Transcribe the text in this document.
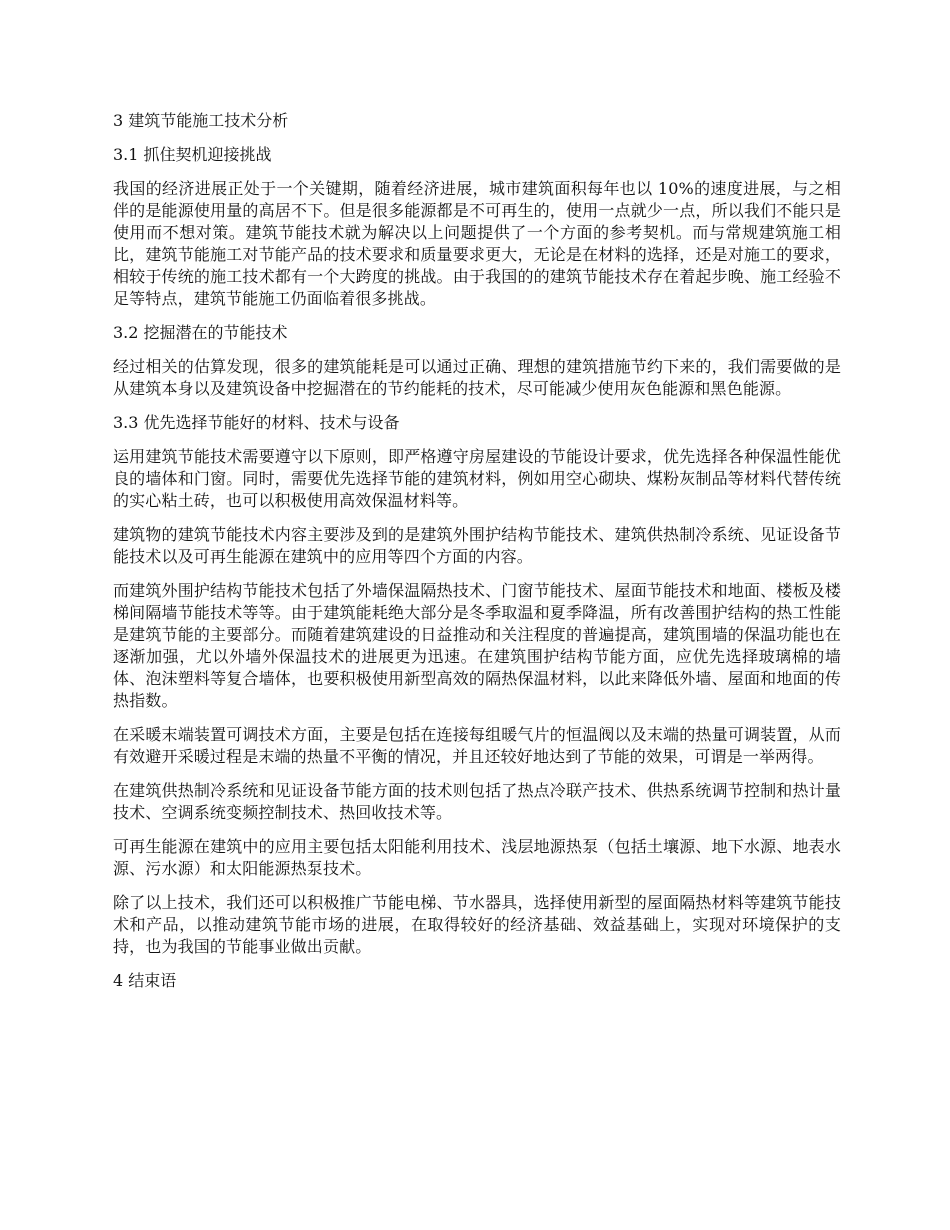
3 建筑节能施工技术分析
3.1 抓住契机迎接挑战
我国的经济进展正处于一个关键期，随着经济进展，城市建筑面积每年也以 10%的速度进展，与之相伴的是能源使用量的高居不下。但是很多能源都是不可再生的，使用一点就少一点，所以我们不能只是使用而不想对策。建筑节能技术就为解决以上问题提供了一个方面的参考契机。而与常规建筑施工相比，建筑节能施工对节能产品的技术要求和质量要求更大，无论是在材料的选择，还是对施工的要求，相较于传统的施工技术都有一个大跨度的挑战。由于我国的的建筑节能技术存在着起步晚、施工经验不足等特点，建筑节能施工仍面临着很多挑战。
3.2 挖掘潜在的节能技术
经过相关的估算发现，很多的建筑能耗是可以通过正确、理想的建筑措施节约下来的，我们需要做的是从建筑本身以及建筑设备中挖掘潜在的节约能耗的技术，尽可能减少使用灰色能源和黑色能源。
3.3 优先选择节能好的材料、技术与设备
运用建筑节能技术需要遵守以下原则，即严格遵守房屋建设的节能设计要求，优先选择各种保温性能优良的墙体和门窗。同时，需要优先选择节能的建筑材料，例如用空心砌块、煤粉灰制品等材料代替传统的实心粘土砖，也可以积极使用高效保温材料等。
建筑物的建筑节能技术内容主要涉及到的是建筑外围护结构节能技术、建筑供热制冷系统、见证设备节能技术以及可再生能源在建筑中的应用等四个方面的内容。
而建筑外围护结构节能技术包括了外墙保温隔热技术、门窗节能技术、屋面节能技术和地面、楼板及楼梯间隔墙节能技术等等。由于建筑能耗绝大部分是冬季取温和夏季降温，所有改善围护结构的热工性能是建筑节能的主要部分。而随着建筑建设的日益推动和关注程度的普遍提高，建筑围墙的保温功能也在逐渐加强，尤以外墙外保温技术的进展更为迅速。在建筑围护结构节能方面，应优先选择玻璃棉的墙体、泡沫塑料等复合墙体，也要积极使用新型高效的隔热保温材料，以此来降低外墙、屋面和地面的传热指数。
在采暖末端装置可调技术方面，主要是包括在连接每组暖气片的恒温阀以及末端的热量可调装置，从而有效避开采暖过程是末端的热量不平衡的情况，并且还较好地达到了节能的效果，可谓是一举两得。
在建筑供热制冷系统和见证设备节能方面的技术则包括了热点冷联产技术、供热系统调节控制和热计量技术、空调系统变频控制技术、热回收技术等。
可再生能源在建筑中的应用主要包括太阳能利用技术、浅层地源热泵（包括土壤源、地下水源、地表水源、污水源）和太阳能源热泵技术。
除了以上技术，我们还可以积极推广节能电梯、节水器具，选择使用新型的屋面隔热材料等建筑节能技术和产品，以推动建筑节能市场的进展，在取得较好的经济基础、效益基础上，实现对环境保护的支持，也为我国的节能事业做出贡献。
4 结束语
